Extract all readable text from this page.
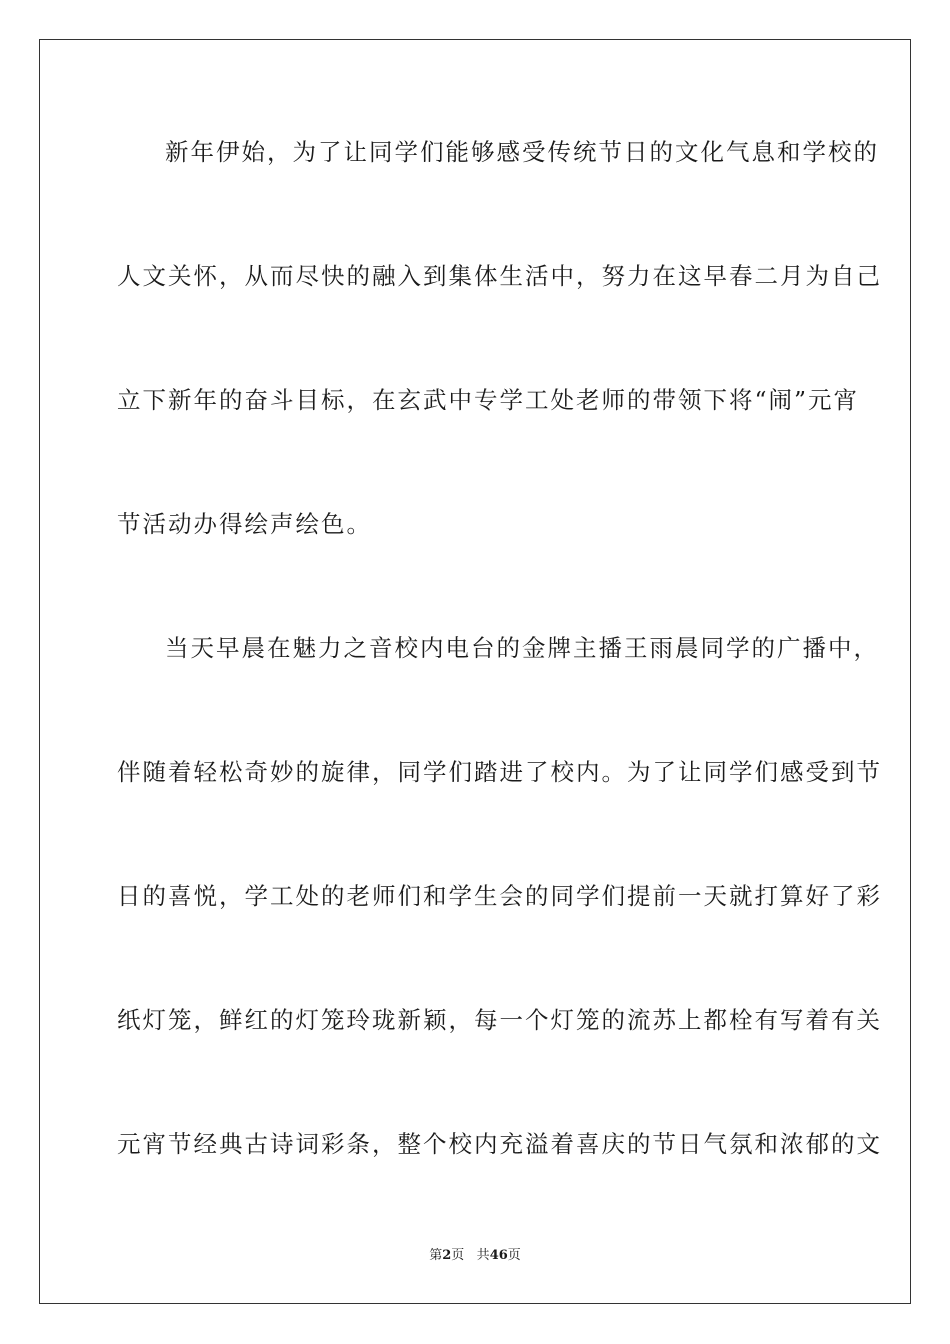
新年伊始，为了让同学们能够感受传统节日的文化气息和学校的
人文关怀，从而尽快的融入到集体生活中，努力在这早春二月为自己
立下新年的奋斗目标，在玄武中专学工处老师的带领下将“闹”元宵
节活动办得绘声绘色。
当天早晨在魅力之音校内电台的金牌主播王雨晨同学的广播中，
伴随着轻松奇妙的旋律，同学们踏进了校内。为了让同学们感受到节
日的喜悦，学工处的老师们和学生会的同学们提前一天就打算好了彩
纸灯笼，鲜红的灯笼玲珑新颖，每一个灯笼的流苏上都栓有写着有关
元宵节经典古诗词彩条，整个校内充溢着喜庆的节日气氛和浓郁的文
第2页 共46页
